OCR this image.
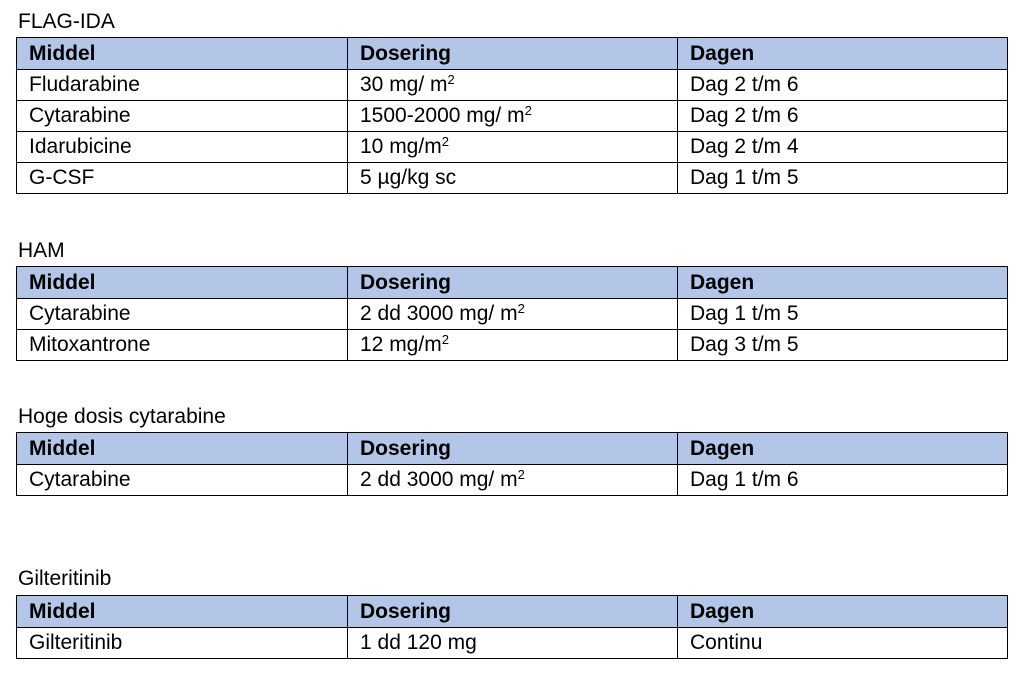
FLAG-IDA
Middel	Dosering	Dagen
Fludarabine	30 mg/ $m^2$	Dag 2 t/m 6
Cytarabine	1500-2000 mg/ $m^2$	Dag 2 t/m 6
Idarubicine	10 $mg/m^2$	Dag 2 t/m 4
G-CSF	5 µg/kg sc	Dag 1 t/m 5
HAM
Middel	Dosering	Dagen
Cytarabine	2 dd 3000 mg/ $m^2$	Dag 1 t/m 5
Mitoxantrone	12 $mg/m^2$	Dag 3 t/m 5
Hoge dosis cytarabine
Middel	Dosering	Dagen
Cytarabine	2 dd 3000 mg/ $m^2$	Dag 1 t/m 6
Gilteritinib
Middel	Dosering	Dagen
Gilteritinib	1 dd 120 mg	Continu
